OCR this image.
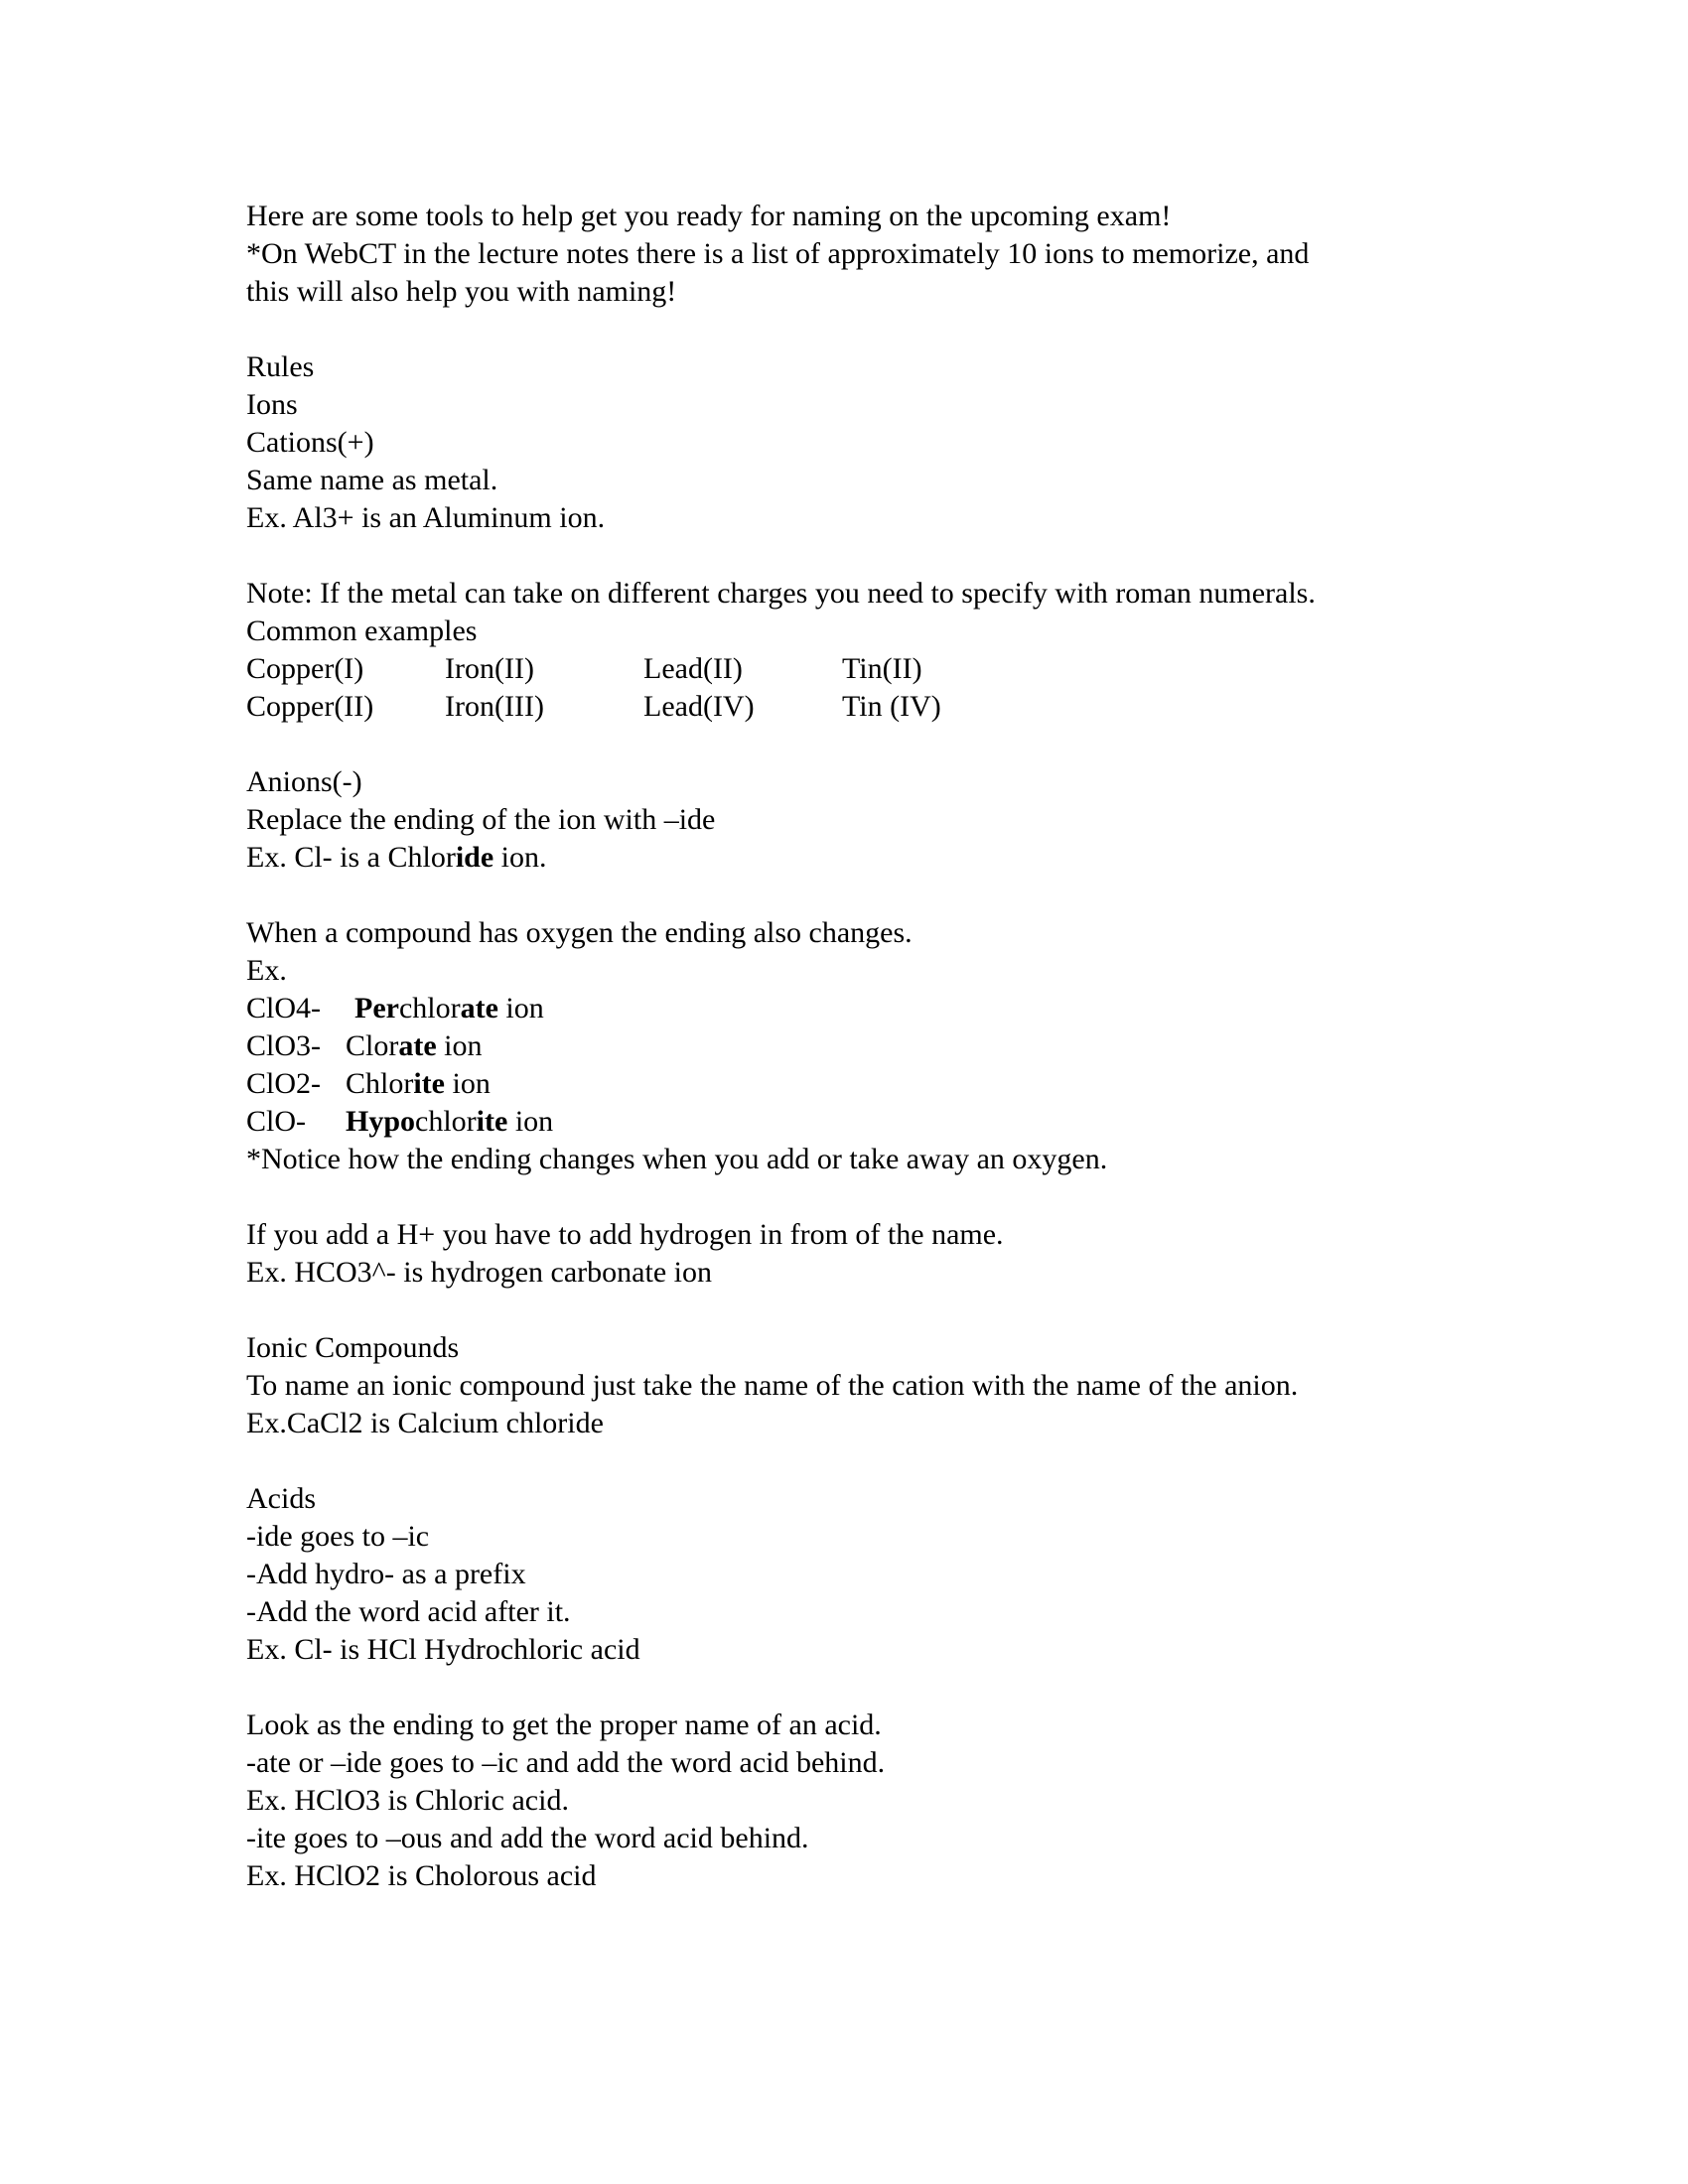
Here are some tools to help get you ready for naming on the upcoming exam!
*On WebCT in the lecture notes there is a list of approximately 10 ions to memorize, and
this will also help you with naming!
Rules
Ions
Cations(+)
Same name as metal.
Ex. Al3+ is an Aluminum ion.
Note: If the metal can take on different charges you need to specify with roman numerals.
Common examples
Copper(I)	Iron(II)	Lead(II)	Tin(II)
Copper(II)	Iron(III)	Lead(IV)	Tin (IV)
Anions(-)
Replace the ending of the ion with –ide
Ex. Cl- is a Chloride ion.
When a compound has oxygen the ending also changes.
Ex.
ClO4-	Perchlorate ion
ClO3- Clorate ion
ClO2- Chlorite ion
ClO-	Hypochlorite ion
*Notice how the ending changes when you add or take away an oxygen.
If you add a H+ you have to add hydrogen in from of the name.
Ex. HCO3^- is hydrogen carbonate ion
Ionic Compounds
To name an ionic compound just take the name of the cation with the name of the anion.
Ex.CaCl2 is Calcium chloride
Acids
-ide goes to –ic
-Add hydro- as a prefix
-Add the word acid after it.
Ex. Cl- is HCl Hydrochloric acid
Look as the ending to get the proper name of an acid.
-ate or –ide goes to –ic and add the word acid behind.
Ex. HClO3 is Chloric acid.
-ite goes to –ous and add the word acid behind.
Ex. HClO2 is Cholorous acid
